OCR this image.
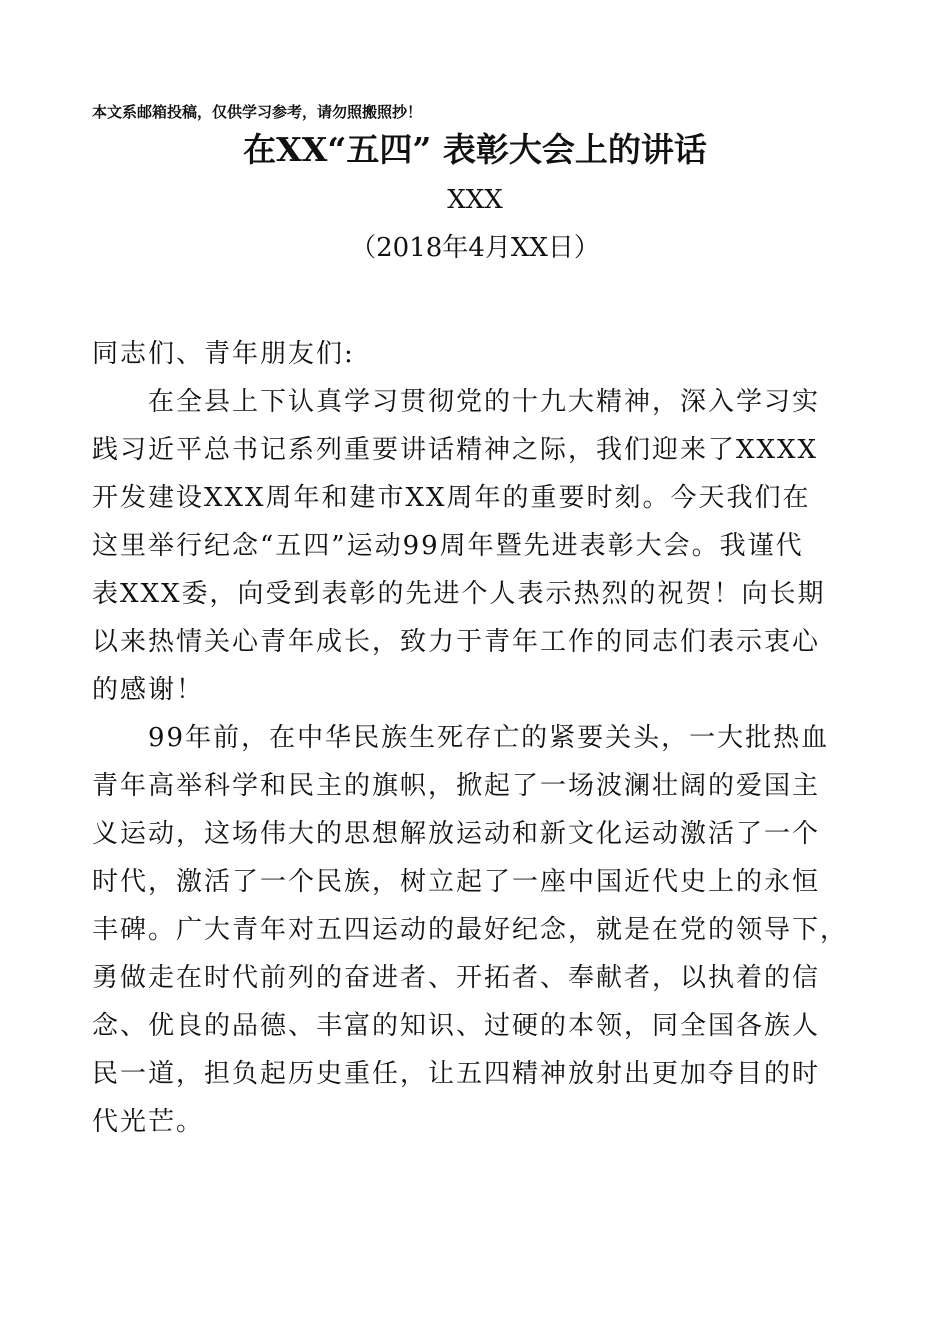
本文系邮箱投稿，仅供学习参考，请勿照搬照抄！
在XX“五四” 表彰大会上的讲话
XXX
（2018年4月XX日）
同志们、青年朋友们:
在全县上下认真学习贯彻党的十九大精神，深入学习实
践习近平总书记系列重要讲话精神之际，我们迎来了XXXX
开发建设XXX周年和建市XX周年的重要时刻。今天我们在
这里举行纪念“五四”运动99周年暨先进表彰大会。我谨代
表XXX委，向受到表彰的先进个人表示热烈的祝贺！向长期
以来热情关心青年成长，致力于青年工作的同志们表示衷心
的感谢！
99年前，在中华民族生死存亡的紧要关头，一大批热血
青年高举科学和民主的旗帜，掀起了一场波澜壮阔的爱国主
义运动，这场伟大的思想解放运动和新文化运动激活了一个
时代，激活了一个民族，树立起了一座中国近代史上的永恒
丰碑。广大青年对五四运动的最好纪念，就是在党的领导下，
勇做走在时代前列的奋进者、开拓者、奉献者，以执着的信
念、优良的品德、丰富的知识、过硬的本领，同全国各族人
民一道，担负起历史重任，让五四精神放射出更加夺目的时
代光芒。
